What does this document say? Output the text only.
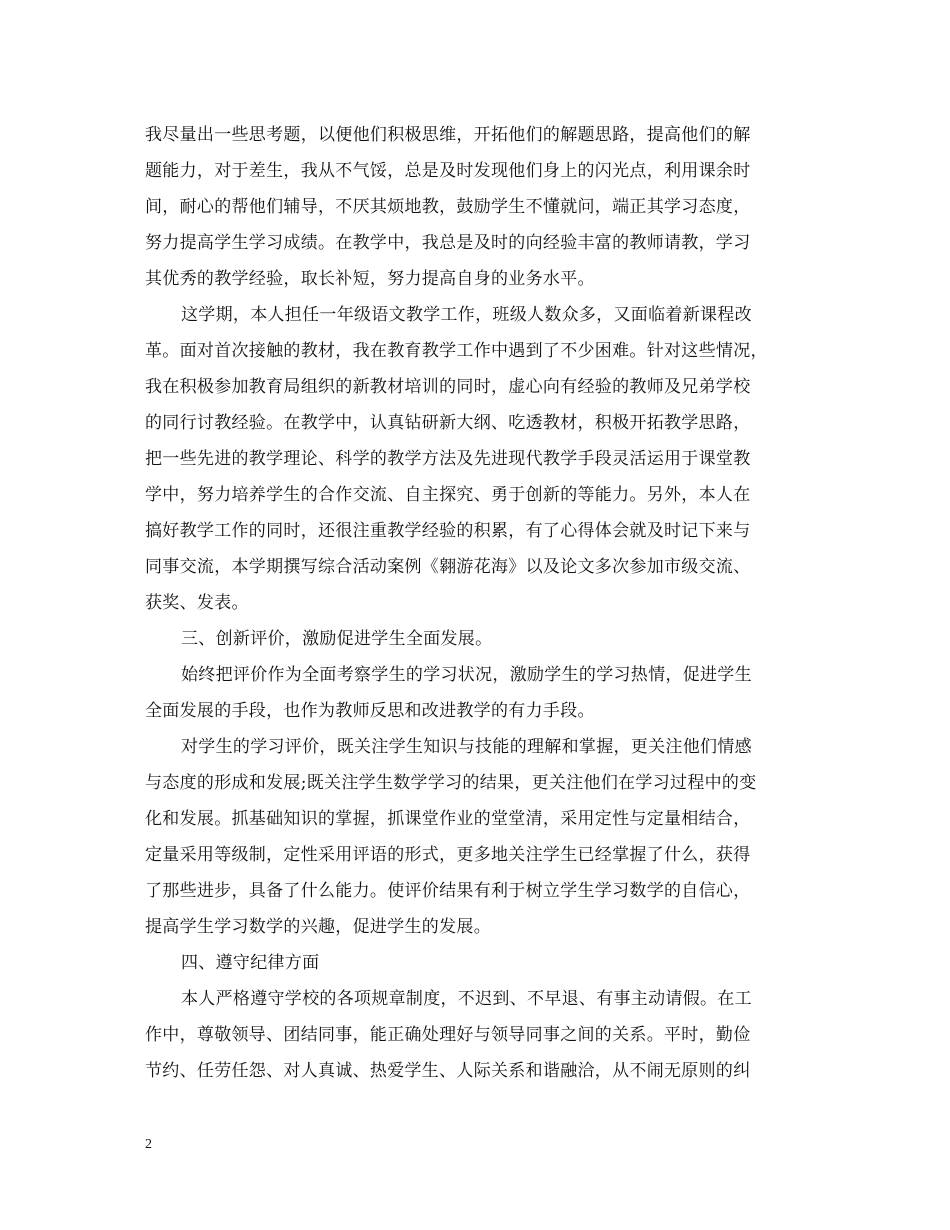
我尽量出一些思考题，以便他们积极思维，开拓他们的解题思路，提高他们的解
题能力，对于差生，我从不气馁，总是及时发现他们身上的闪光点，利用课余时
间，耐心的帮他们辅导，不厌其烦地教，鼓励学生不懂就问，端正其学习态度，
努力提高学生学习成绩。在教学中，我总是及时的向经验丰富的教师请教，学习
其优秀的教学经验，取长补短，努力提高自身的业务水平。
这学期，本人担任一年级语文教学工作，班级人数众多，又面临着新课程改
革。面对首次接触的教材，我在教育教学工作中遇到了不少困难。针对这些情况，
我在积极参加教育局组织的新教材培训的同时，虚心向有经验的教师及兄弟学校
的同行讨教经验。在教学中，认真钻研新大纲、吃透教材，积极开拓教学思路，
把一些先进的教学理论、科学的教学方法及先进现代教学手段灵活运用于课堂教
学中，努力培养学生的合作交流、自主探究、勇于创新的等能力。另外，本人在
搞好教学工作的同时，还很注重教学经验的积累，有了心得体会就及时记下来与
同事交流，本学期撰写综合活动案例《翱游花海》以及论文多次参加市级交流、
获奖、发表。
三、创新评价，激励促进学生全面发展。
始终把评价作为全面考察学生的学习状况，激励学生的学习热情，促进学生
全面发展的手段，也作为教师反思和改进教学的有力手段。
对学生的学习评价，既关注学生知识与技能的理解和掌握，更关注他们情感
与态度的形成和发展;既关注学生数学学习的结果，更关注他们在学习过程中的变
化和发展。抓基础知识的掌握，抓课堂作业的堂堂清，采用定性与定量相结合，
定量采用等级制，定性采用评语的形式，更多地关注学生已经掌握了什么，获得
了那些进步，具备了什么能力。使评价结果有利于树立学生学习数学的自信心，
提高学生学习数学的兴趣，促进学生的发展。
四、遵守纪律方面
本人严格遵守学校的各项规章制度，不迟到、不早退、有事主动请假。在工
作中，尊敬领导、团结同事，能正确处理好与领导同事之间的关系。平时，勤俭
节约、任劳任怨、对人真诚、热爱学生、人际关系和谐融洽，从不闹无原则的纠
2
